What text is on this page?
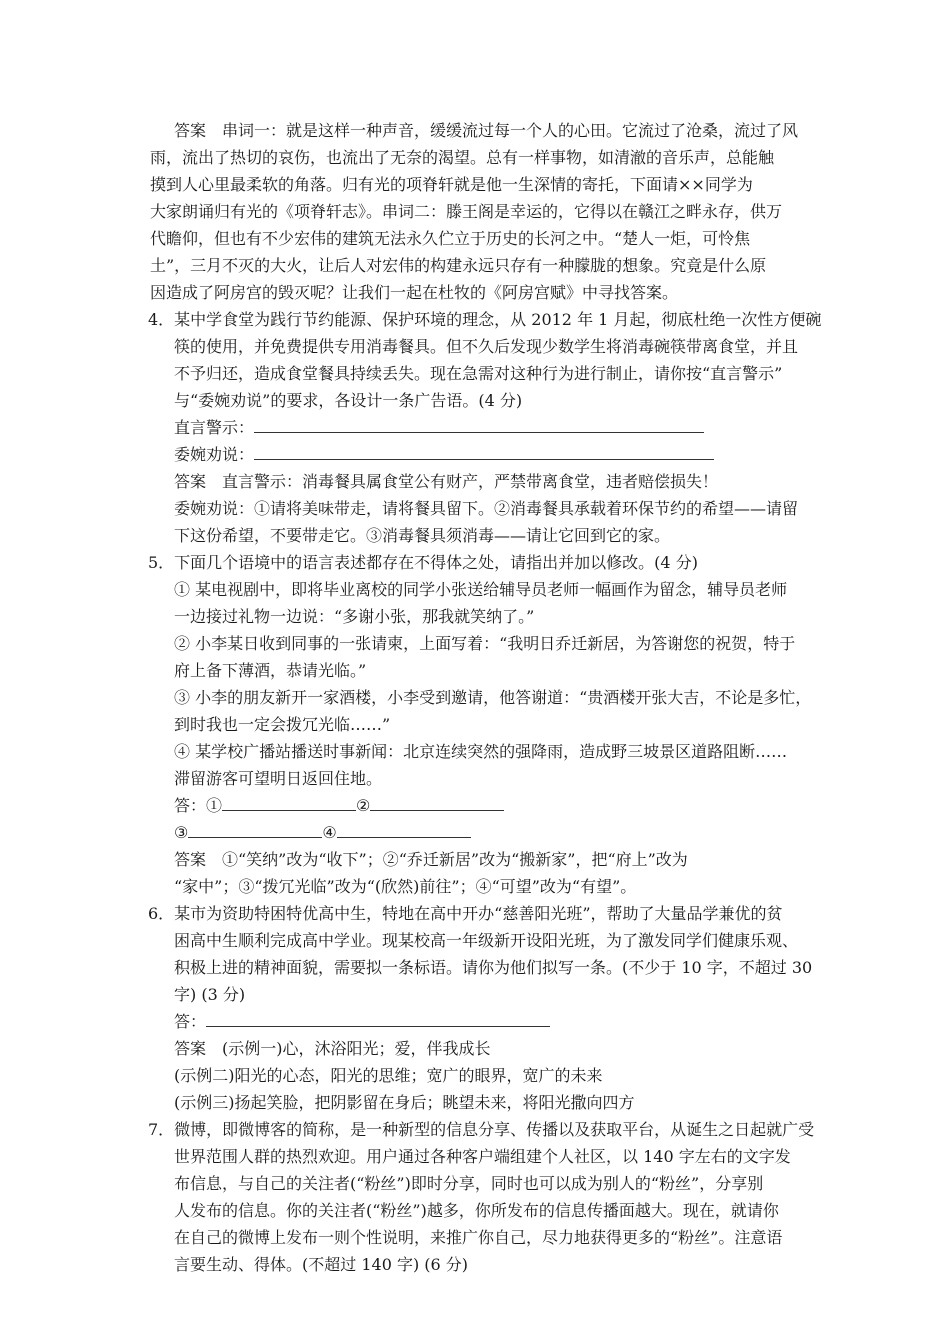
答案　串词一：就是这样一种声音，缓缓流过每一个人的心田。它流过了沧桑，流过了风
雨，流出了热切的哀伤，也流出了无奈的渴望。总有一样事物，如清澈的音乐声，总能触
摸到人心里最柔软的角落。归有光的项脊轩就是他一生深情的寄托，下面请××同学为
大家朗诵归有光的《项脊轩志》。串词二：滕王阁是幸运的，它得以在赣江之畔永存，供万
代瞻仰，但也有不少宏伟的建筑无法永久伫立于历史的长河之中。“楚人一炬，可怜焦
土”，三月不灭的大火，让后人对宏伟的构建永远只存有一种朦胧的想象。究竟是什么原
因造成了阿房宫的毁灭呢？让我们一起在杜牧的《阿房宫赋》中寻找答案。
4．某中学食堂为践行节约能源、保护环境的理念，从 2012 年 1 月起，彻底杜绝一次性方便碗
筷的使用，并免费提供专用消毒餐具。但不久后发现少数学生将消毒碗筷带离食堂，并且
不予归还，造成食堂餐具持续丢失。现在急需对这种行为进行制止，请你按“直言警示”
与“委婉劝说”的要求，各设计一条广告语。(4 分)
直言警示：
委婉劝说：
答案　直言警示：消毒餐具属食堂公有财产，严禁带离食堂，违者赔偿损失！
委婉劝说：①请将美味带走，请将餐具留下。②消毒餐具承载着环保节约的希望——请留
下这份希望，不要带走它。③消毒餐具须消毒——请让它回到它的家。
5．下面几个语境中的语言表述都存在不得体之处，请指出并加以修改。(4 分)
① 某电视剧中，即将毕业离校的同学小张送给辅导员老师一幅画作为留念，辅导员老师
一边接过礼物一边说：“多谢小张，那我就笑纳了。”
② 小李某日收到同事的一张请柬，上面写着：“我明日乔迁新居，为答谢您的祝贺，特于
府上备下薄酒，恭请光临。”
③ 小李的朋友新开一家酒楼，小李受到邀请，他答谢道：“贵酒楼开张大吉，不论是多忙，
到时我也一定会拨冗光临……”
④ 某学校广播站播送时事新闻：北京连续突然的强降雨，造成野三坡景区道路阻断……
滞留游客可望明日返回住地。
答：①	②
③	④
答案　①“笑纳”改为“收下”；②“乔迁新居”改为“搬新家”，把“府上”改为
“家中”；③“拨冗光临”改为“(欣然)前往”；④“可望”改为“有望”。
6．某市为资助特困特优高中生，特地在高中开办“慈善阳光班”，帮助了大量品学兼优的贫
困高中生顺利完成高中学业。现某校高一年级新开设阳光班，为了激发同学们健康乐观、
积极上进的精神面貌，需要拟一条标语。请你为他们拟写一条。(不少于 10 字，不超过 30
字) (3 分)
答：
答案　(示例一)心，沐浴阳光；爱，伴我成长
(示例二)阳光的心态，阳光的思维；宽广的眼界，宽广的未来
(示例三)扬起笑脸，把阴影留在身后；眺望未来，将阳光撒向四方
7．微博，即微博客的简称，是一种新型的信息分享、传播以及获取平台，从诞生之日起就广受
世界范围人群的热烈欢迎。用户通过各种客户端组建个人社区，以 140 字左右的文字发
布信息，与自己的关注者(“粉丝”)即时分享，同时也可以成为别人的“粉丝”，分享别
人发布的信息。你的关注者(“粉丝”)越多，你所发布的信息传播面越大。现在，就请你
在自己的微博上发布一则个性说明，来推广你自己，尽力地获得更多的“粉丝”。注意语
言要生动、得体。(不超过 140 字) (6 分)
